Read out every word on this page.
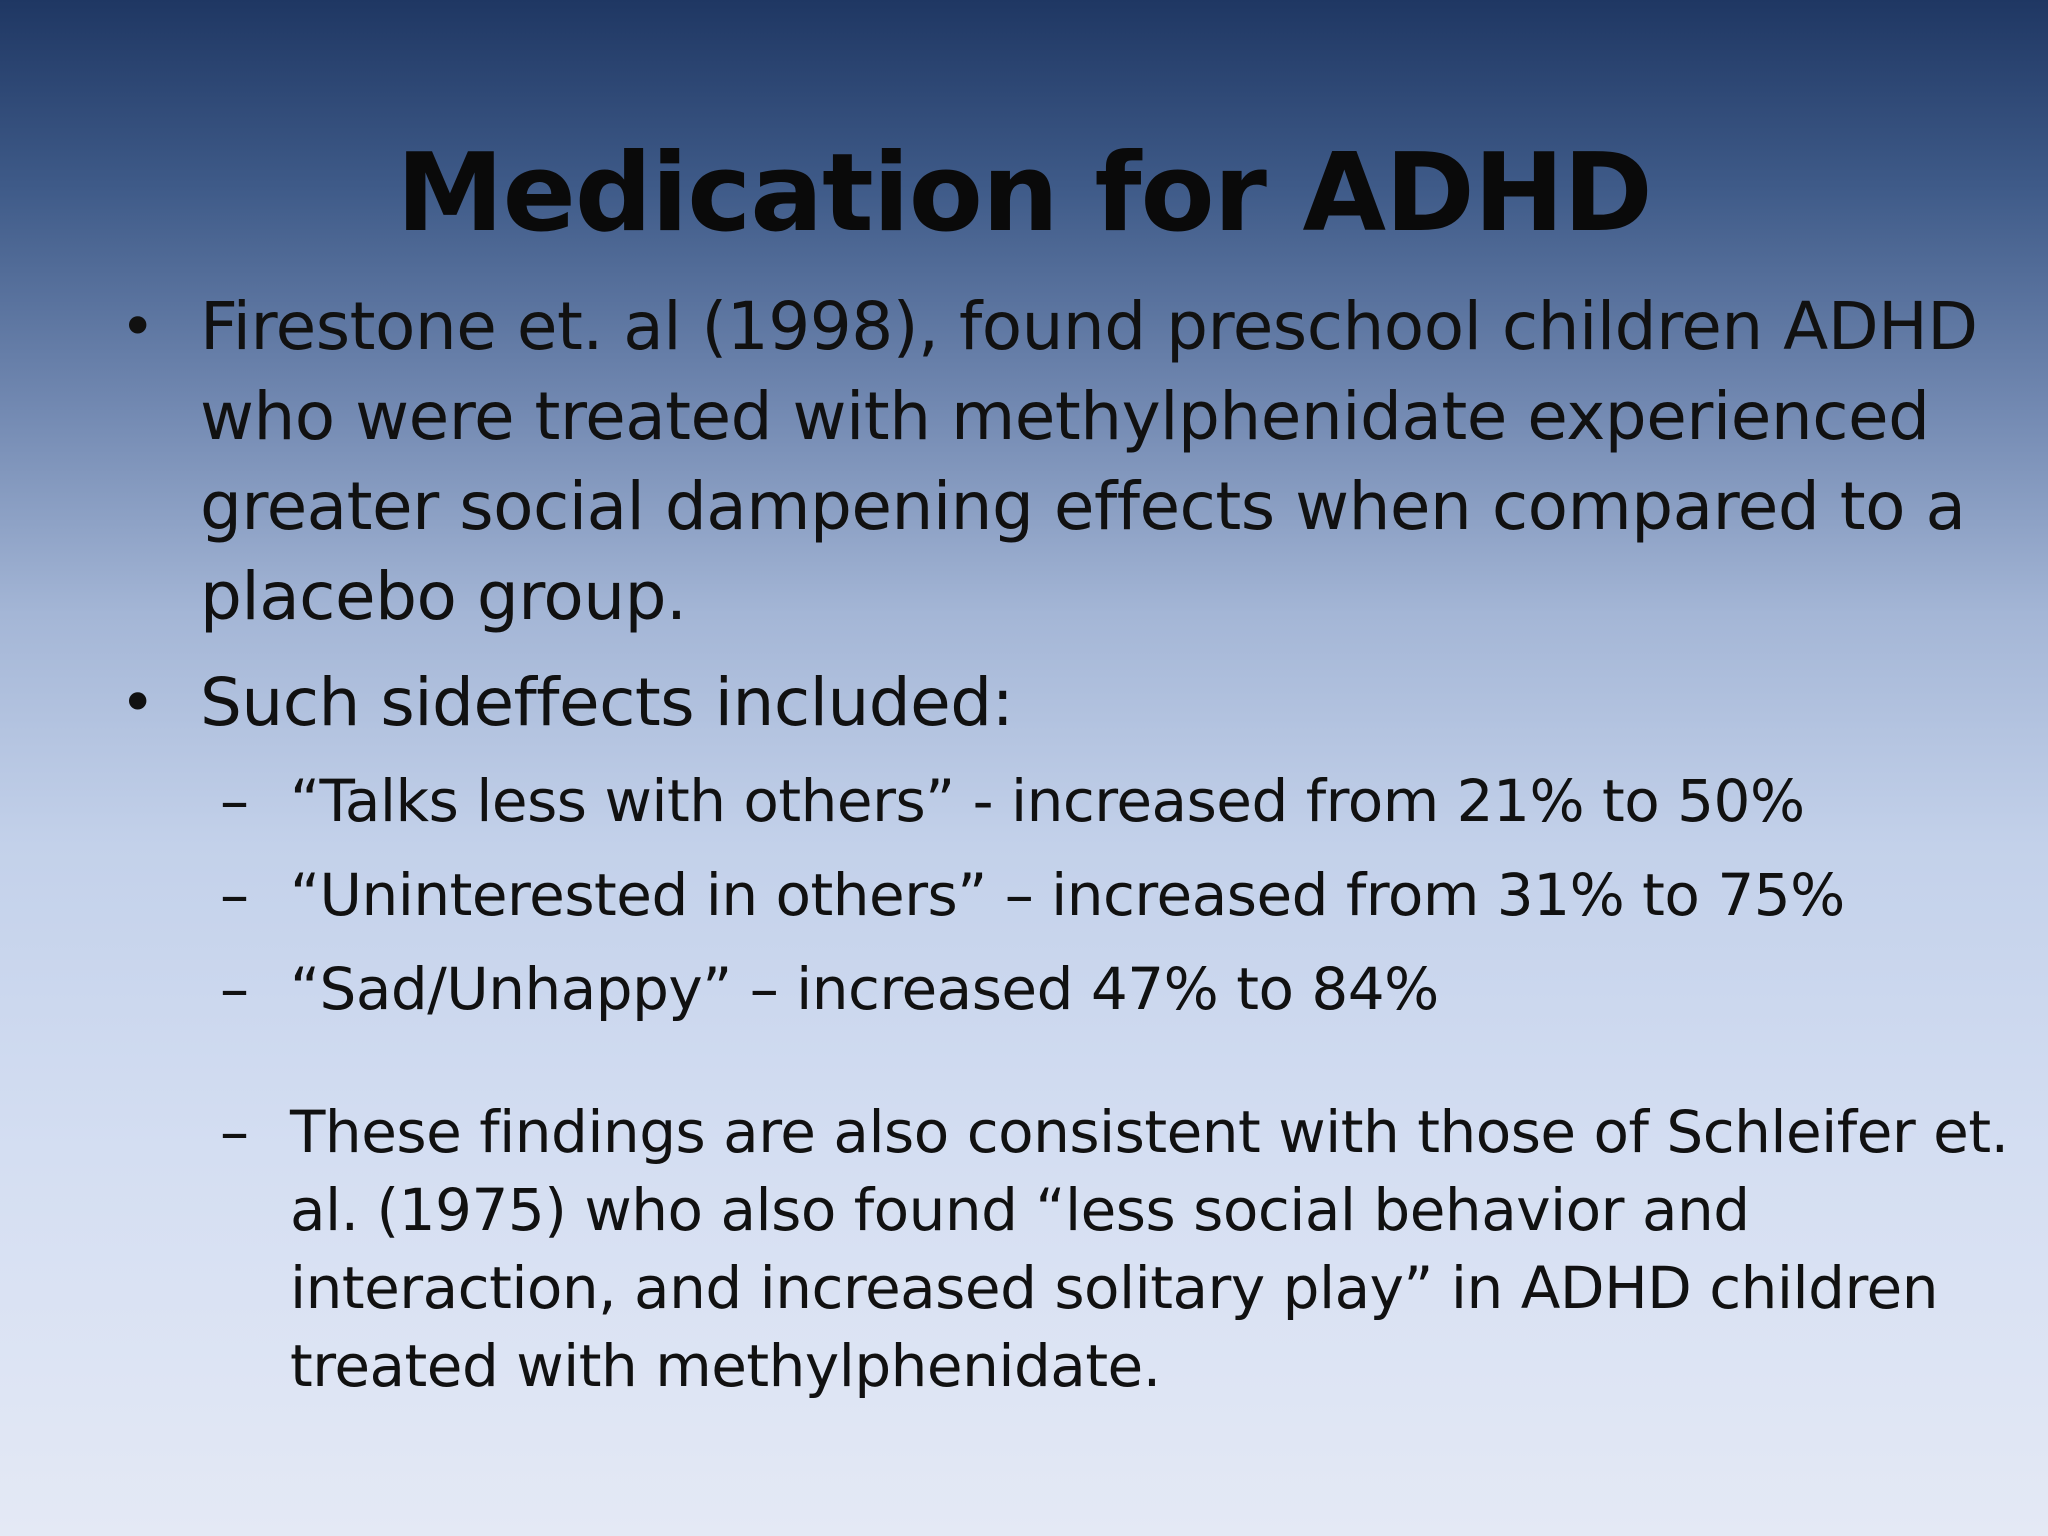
Medication for ADHD
• Firestone et. al (1998), found preschool children ADHD who were treated with methylphenidate experienced greater social dampening effects when compared to a placebo group.
• Such sideffects included:
– “Talks less with others” - increased from 21% to 50%
– “Uninterested in others” – increased from 31% to 75%
– “Sad/Unhappy” – increased 47% to 84%
– These findings are also consistent with those of Schleifer et. al. (1975) who also found “less social behavior and interaction, and increased solitary play” in ADHD children treated with methylphenidate.
